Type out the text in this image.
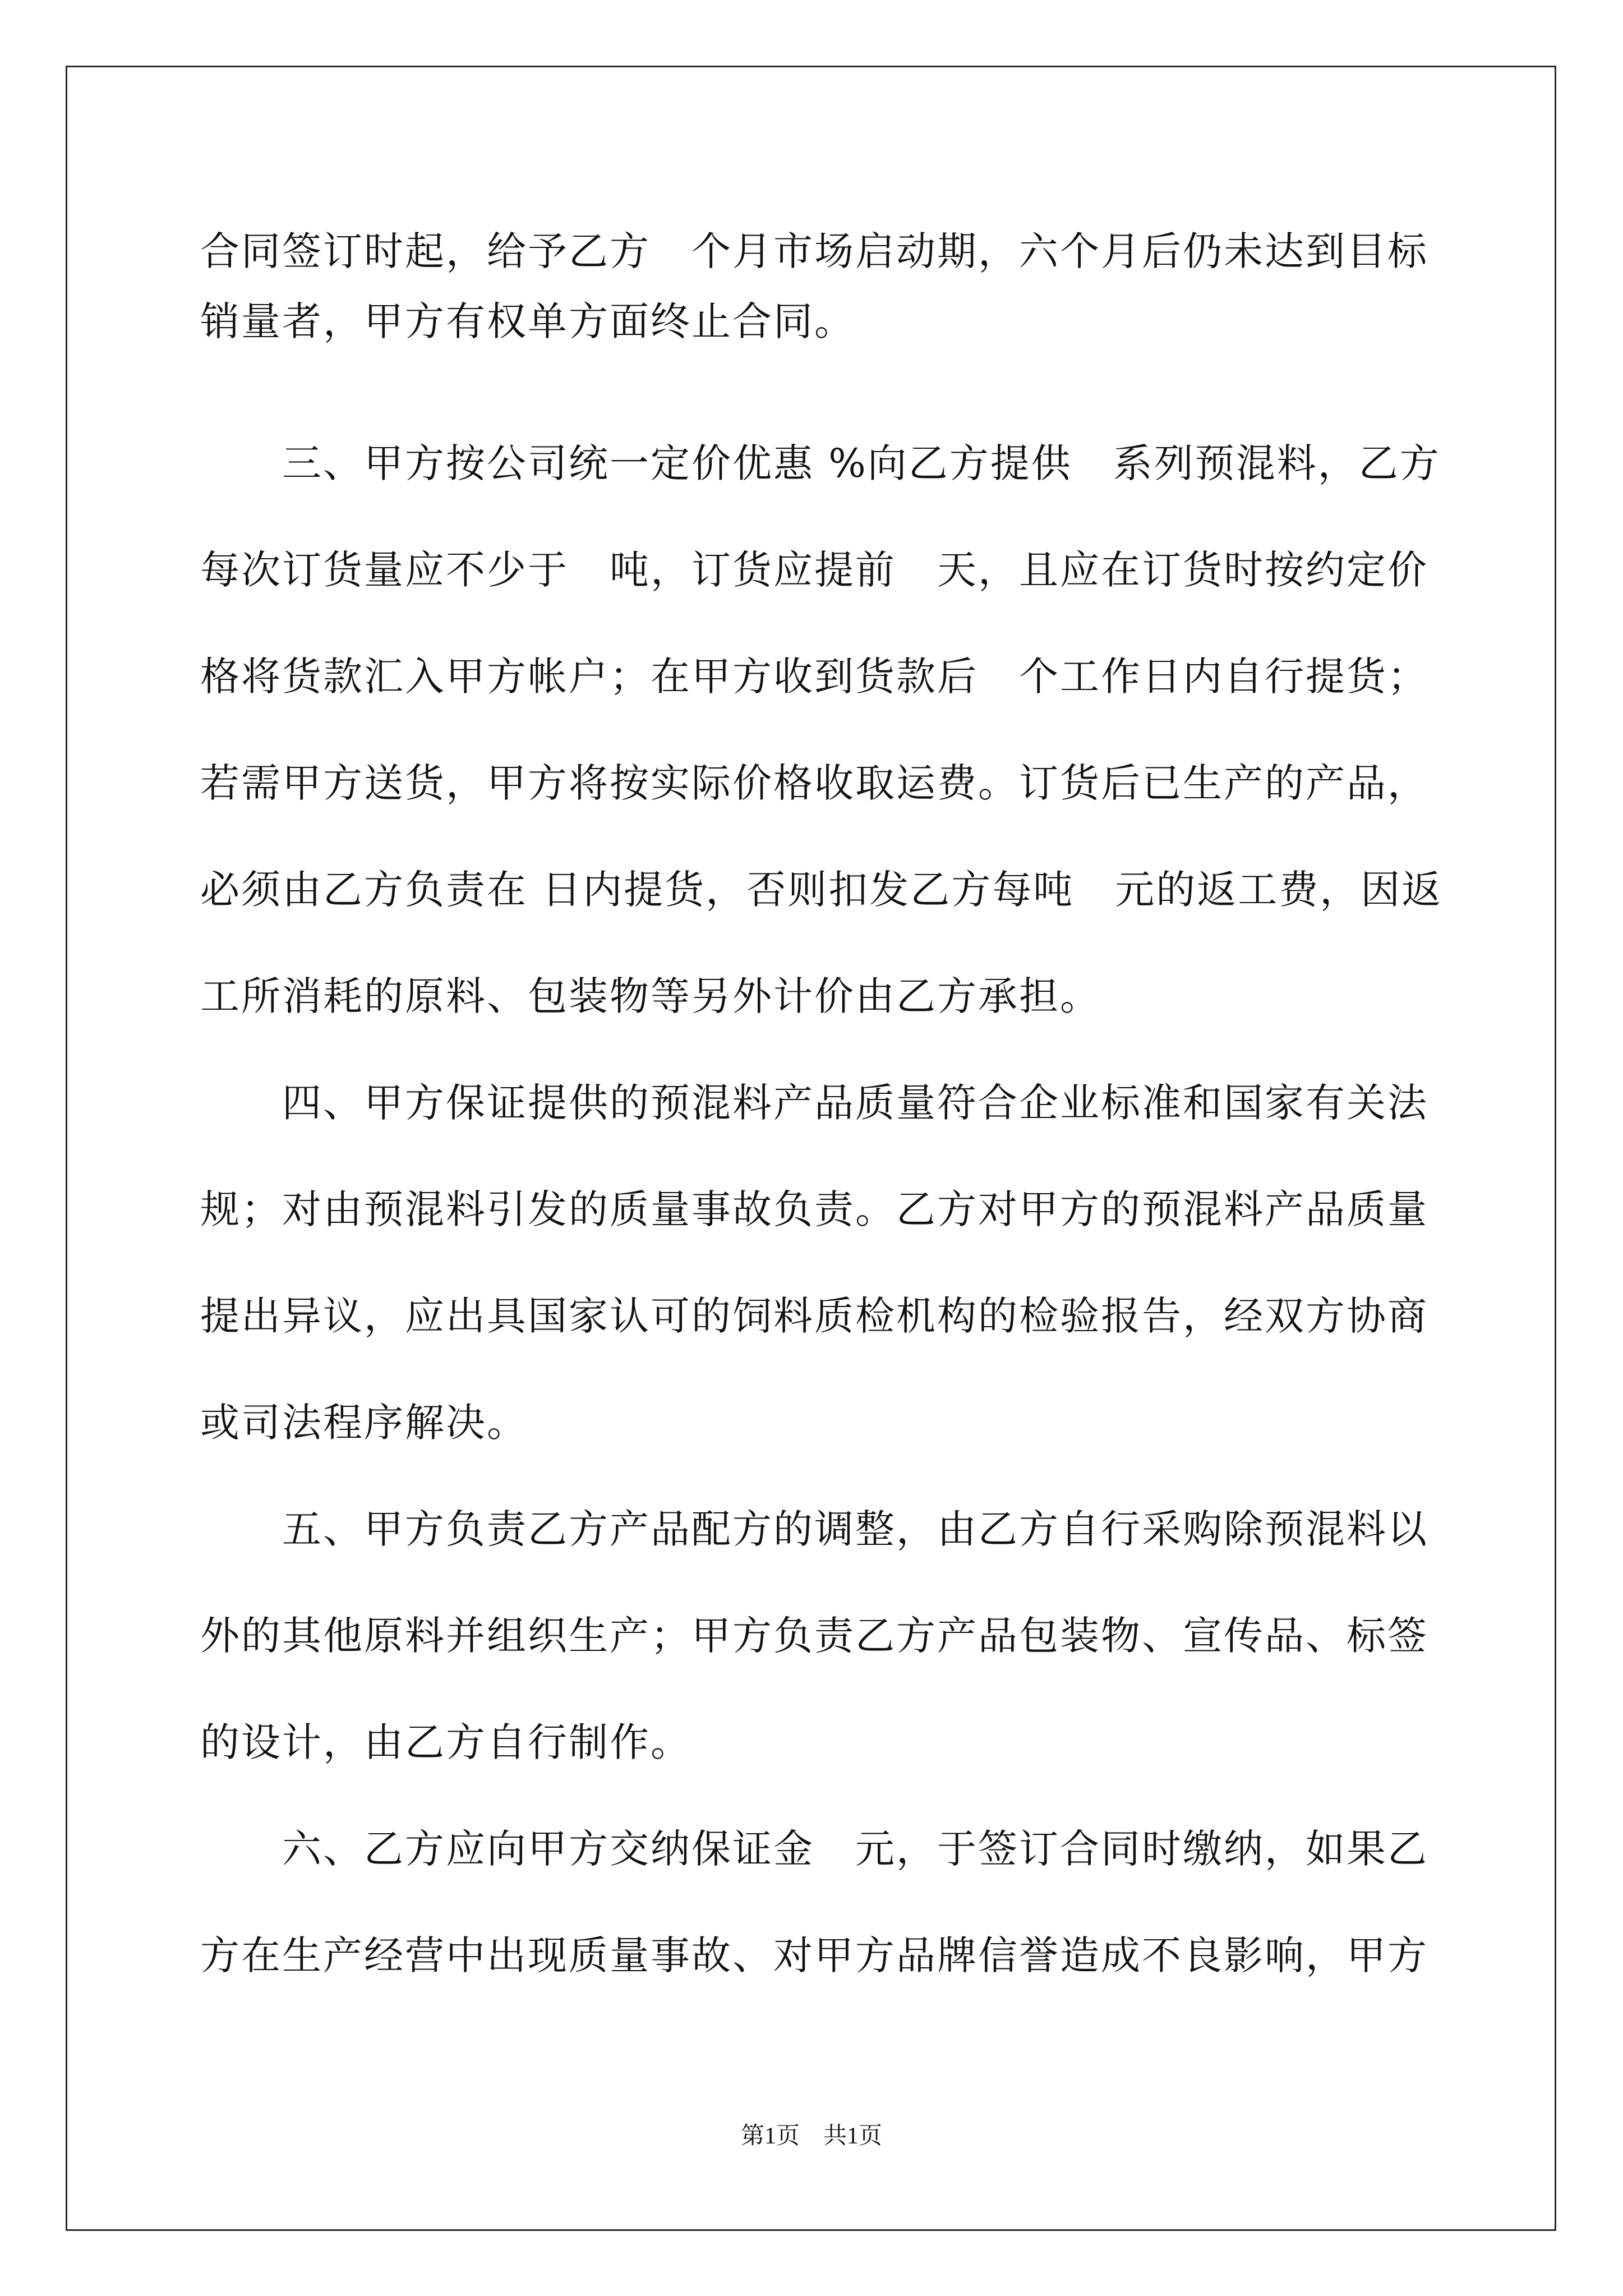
合同签订时起，给予乙方　个月市场启动期，六个月后仍未达到目标
销量者，甲方有权单方面终止合同。
　　三、甲方按公司统一定价优惠 %向乙方提供　系列预混料，乙方
每次订货量应不少于　吨，订货应提前　天，且应在订货时按约定价
格将货款汇入甲方帐户；在甲方收到货款后　个工作日内自行提货；
若需甲方送货，甲方将按实际价格收取运费。订货后已生产的产品，
必须由乙方负责在 日内提货，否则扣发乙方每吨　元的返工费，因返
工所消耗的原料、包装物等另外计价由乙方承担。
　　四、甲方保证提供的预混料产品质量符合企业标准和国家有关法
规；对由预混料引发的质量事故负责。乙方对甲方的预混料产品质量
提出异议，应出具国家认可的饲料质检机构的检验报告，经双方协商
或司法程序解决。
　　五、甲方负责乙方产品配方的调整，由乙方自行采购除预混料以
外的其他原料并组织生产；甲方负责乙方产品包装物、宣传品、标签
的设计，由乙方自行制作。
　　六、乙方应向甲方交纳保证金　元，于签订合同时缴纳，如果乙
方在生产经营中出现质量事故、对甲方品牌信誉造成不良影响，甲方
第1页　共1页
